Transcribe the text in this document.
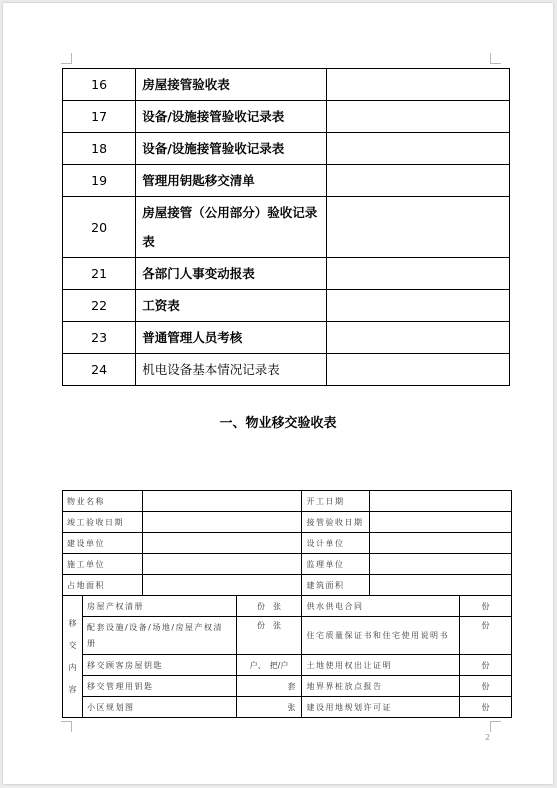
16	房屋接管验收表	
17	设备/设施接管验收记录表	
18	设备/设施接管验收记录表	
19	管理用钥匙移交清单	
20	房屋接管（公用部分）验收记录
表	

21	各部门人事变动报表	
22	工资表	
23	普通管理人员考核	
24	机电设备基本情况记录表	
一、物业移交验收表
物业名称				开工日期		
竣工验收日期				接管验收日期		
建设单位				设计单位		
施工单位				监理单位		
占地面积				建筑面积		

移
交
内
容	房屋产权清册		份　张	供水供电合同		份
	配套设施/设备/场地/房屋产权清册		份　张	住宅质量保证书和住宅使用说明书		份
	移交顾客房屋钥匙		户、　把/户	土地使用权出让证明		份
	移交管理用钥匙		套	地界界桩放点报告		份
	小区规划图		张	建设用地规划许可证		份
2
